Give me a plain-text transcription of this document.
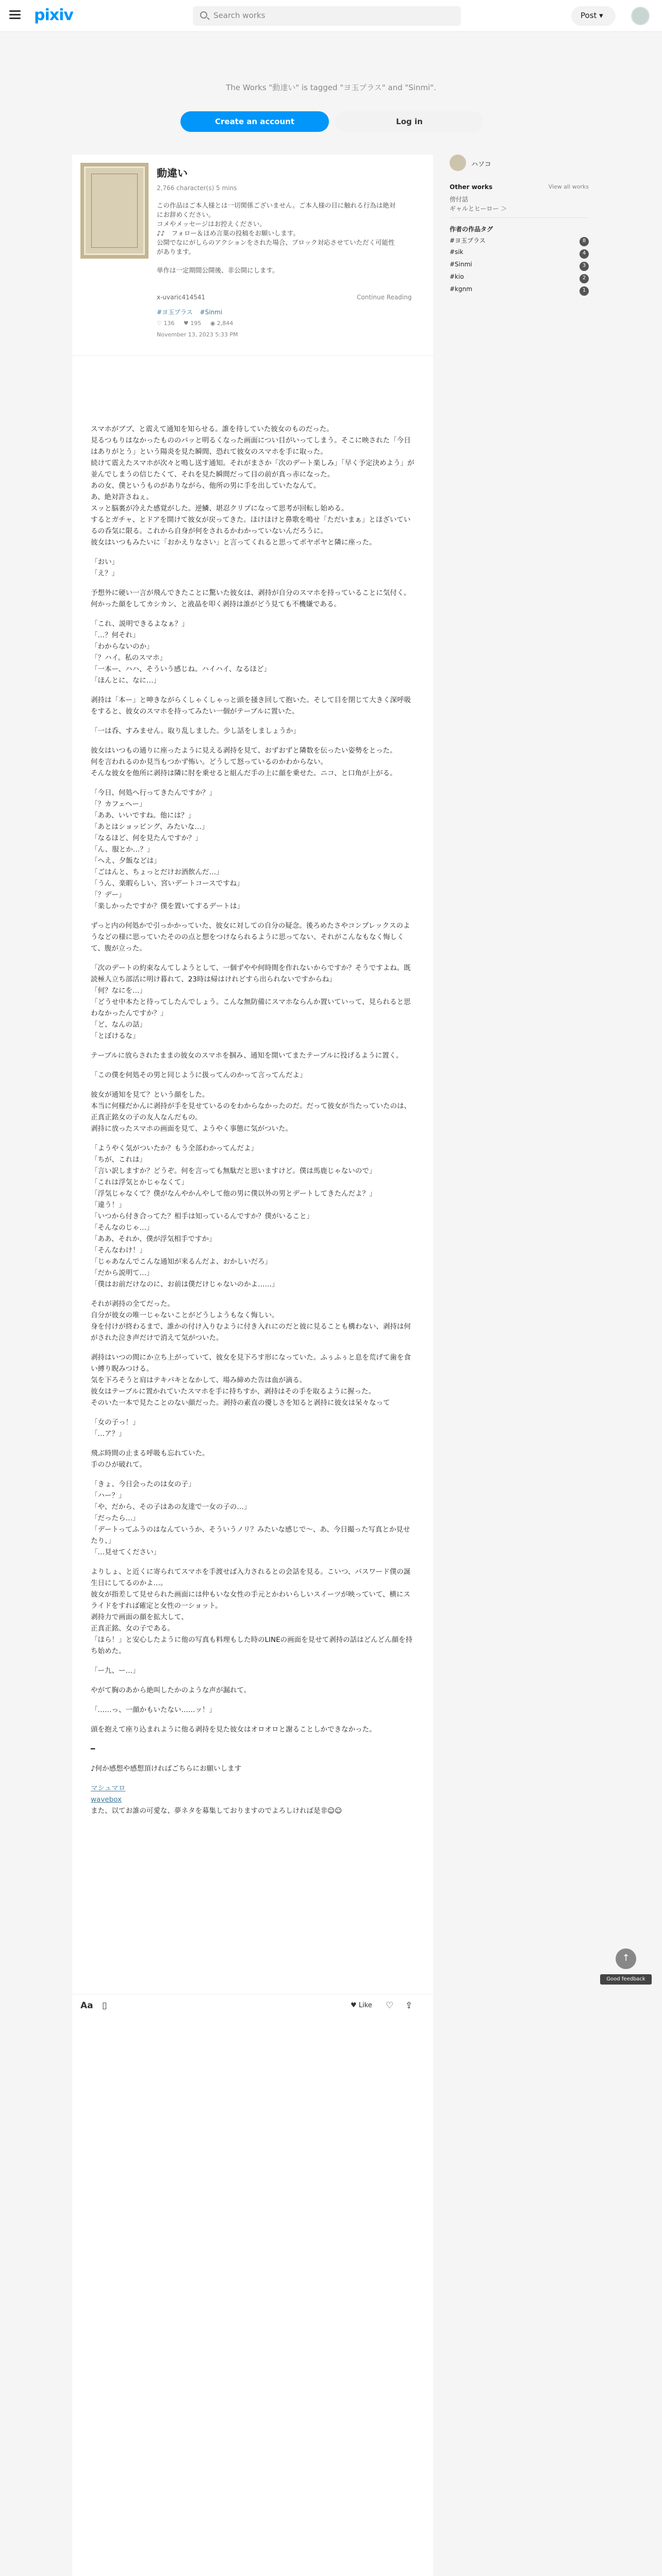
pixiv	Search works	Post ▾
The Works "動達い" is tagged "ヨ玉プラス" and "Sinmi".
Create an account	Log in
動違い
2,766 character(s) 5 mins
この作品はご本人様とは一切関係ございません。ご本人様の目に触れる行為は絶対
にお辞めください。
コメやメッセージはお控えください。
♪♪　フォロー＆ほめ言葉の投稿をお願いします。
公開でなにがしらのアクションをされた場合、ブロック対応させていただく可能性
があります。
単作は一定期間公開後、非公開にします。
x-uvaric414541	Continue Reading
#ヨ玉プラス #Sinmi
♡ 136 ♥ 195 ◉ 2,844
November 13, 2023 5:33 PM

スマホがブブ、と震えて通知を知らせる。誰を待していた彼女のものだった。
見るつもりはなかったもののパッと明るくなった画面につい目がいってしまう。そこに映された「今日はありがとう」という陽炎を見た瞬間、恐れて彼女のスマホを手に取った。
続けて震えたスマホが次々と鳴し送す通知。それがまさか「次のデート楽しみ」「早く予定決めよう」が並んでしまうの信じたくて、それを見た瞬間だって目の前が真っ赤になった。
あの女、僕というものがありながら、他所の男に手を出していたなんて。
あ、絶対許さねぇ。
スッと脳裏が冷えた感覚がした。逆鱗、堪忍クリプになって思考が回転し始める。
するとガチャ、とドアを開けて彼女が戻ってきた。ほけほけと鼻歌を鳴せ「ただいまぁ」とほざいているの呑気に限る。これから自身が何をされるかわかっていないんだろうに。
彼女はいつもみたいに「おかえりなさい」と言ってくれると思ってポヤポヤと隣に座った。

「おい」
「え？」

予想外に硬い一言が飛んできたことに驚いた彼女は、剥持が自分のスマホを持っていることに気付く。
何かった顔をしてカシカン、と液晶を叩く剥持は誰がどう見ても不機嫌である。

「これ、説明できるよなぁ？」
「…？何それ」
「わからないのか」
「？ハイ。私のスマホ」
「一本ー、ハハ、そういう感じね。ハイハイ、なるほど」
「ほんとに、なに…」

剥持は「本ー」と呻きながらくしゃくしゃっと頭を掻き回して抱いた。そして目を閉じて大きく深呼吸をすると、彼女のスマホを持ってみたい一個がテーブルに置いた。

「一は呑、すみません。取り乱しました。少し話をしましょうか」

彼女はいつもの通りに座ったように見える剥持を見て、おずおずと隣数を伝ったい姿勢をとった。
何を言われるのか見当もつかず怖い。どうして怒っているのかわからない。
そんな彼女を他所に剥持は隣に肘を乗せると組んだ手の上に顔を乗せた。ニコ、と口角が上がる。

「今日、何処へ行ってきたんですか？」
「？カフェへー」
「ああ、いいですね。他には？」
「あとはショッピング、みたいな…」
「なるほど、何を見たんですか？」
「ん、服とか…？」
「へえ、夕飯などは」
「ごはんと、ちょっとだけお酒飲んだ…」
「うん、楽暇らしい、宮いデートコースですね」
「？デー」
「楽しかったですか？僕を置いてするデートは」

ずっと内の何処かで引っかかっていた、彼女に対しての自分の疑念。後ろめたさやコンプレックスのようなどの様に思っていたそのの点と想をつけなられるように思ってない、それがこんなもなく悔しくて、腹が立った。

「次のデートの約束なんてしようとして、一個ずやや何時間を作れないからですか？そうですよね。既読極人立ち部活に明け暮れて、23時は帰はけれどすら出られないですからね」
「何？なにを…」
「どうせ中本たと待ってしたんでしょう。こんな無防備にスマホならんか置いていって、見られると思わなかったんですか？」
「ど、なんの話」
「とぼけるな」

テーブルに放らされたままの彼女のスマホを掴み、通知を開いてまたテーブルに投げるように置く。

「この僕を何処その男と同じように扱ってんのかって言ってんだよ」

彼女が通知を見て？という顔をした。
本当に何様だかんに剥持が手を見せているのをわからなかったのだ。だって彼女が当たっていたのは、正真正銘女の子の友人なんだもの。
剥持に放ったスマホの画面を見て、ようやく事態に気がついた。

「ようやく気がついたか？もう全部わかってんだよ」
「ちが、これは」
「言い訳しますか？どうぞ。何を言っても無駄だと思いますけど。僕は馬鹿じゃないので」
「これは浮気とかじゃなくて」
「浮気じゃなくて？僕がなんやかんやして他の男に僕以外の男とデートしてきたんだよ？」
「違う！」
「いつから付き合ってた？相手は知っているんですか？僕がいること」
「そんなのじゃ…」
「ああ、それか、僕が浮気相手ですか」
「そんなわけ！」
「じゃあなんでこんな通知が来るんだよ、おかしいだろ」
「だから説明て…」
「僕はお前だけなのに、お前は僕だけじゃないのかよ……」

それが剥持の全てだった。
自分が彼女の唯一じゃないことがどうしようもなく悔しい。
身を付けが終わるまで、誰かの付け入りむように付き入れにのだと彼に見ることも構わない、剥持は何がされた泣き声だけで消えて気がついた。

剥持はいつの間にか立ち上がっていて、彼女を見下ろす形になっていた。ふぅふぅと息を荒げて歯を食い縛り睨みつける。
気を下ろそうと肩はテキパキとなかして、場み締めた告は血が滴る。
彼女はテーブルに置かれていたスマホを手に持ちすか、剥持はその手を取るように握った。
そのいた一本で見たことのない顔だった。剥持の素直の優しさを知ると剥持に彼女は呆々なって

「女の子っ！」
「…ア？」

飛ぶ時間の止まる呼吸も忘れていた。
手のひが破れて。

「きょ、今日会ったのは女の子」
「ハー？」
「や、だから、その子はあの友達で一女の子の…」
「だったら…」
「デートってふうのはなんていうか、そういうノリ？みたいな感じで～、あ、今日撮った写真とか見せたり、」
「…見せてください」

よりしょ、と近くに寄られてスマホを手渡せば入力されるとの会話を見る。こいつ、パスワード僕の誕生日にしてるのかよ…。
彼女が指差して見せられた画面には仲もいな女性の手元とかわいらしいスイーツが映っていて、横にスライドをすれば確定と女性の一ショット。
剥持力で画面の顔を拡大して、
正真正銘、女の子である。
「ほら！」と安心したように他の写真も料理もした時のLINEの画面を見せて剥持の話はどんどん顔を持ち始めた。

「ー九、ー…」

やがて胸のあから絶叫したかのような声が漏れて。

「……っ、一顔かもいたない……ッ！」

頭を抱えて座り込まれように他る剥持を見た彼女はオロオロと謝ることしかできなかった。

━

♪何か感想や感想頂ければごちらにお願いします

マシュマロ

wavebox

また、以てお誰の可愛な、夢ネタを募集しておりますのでよろしければ是非☺☺

ハソコ
Other works	View all works
傍付話
ギャルとヒーロー ＞
作者の作品タグ
#ヨ玉プラス	8
#sik	4
#Sinmi	3
#kio	2
#kgnm	1
↑
Good feedback
Aa ▯	♥ Like ♡ ⇪
